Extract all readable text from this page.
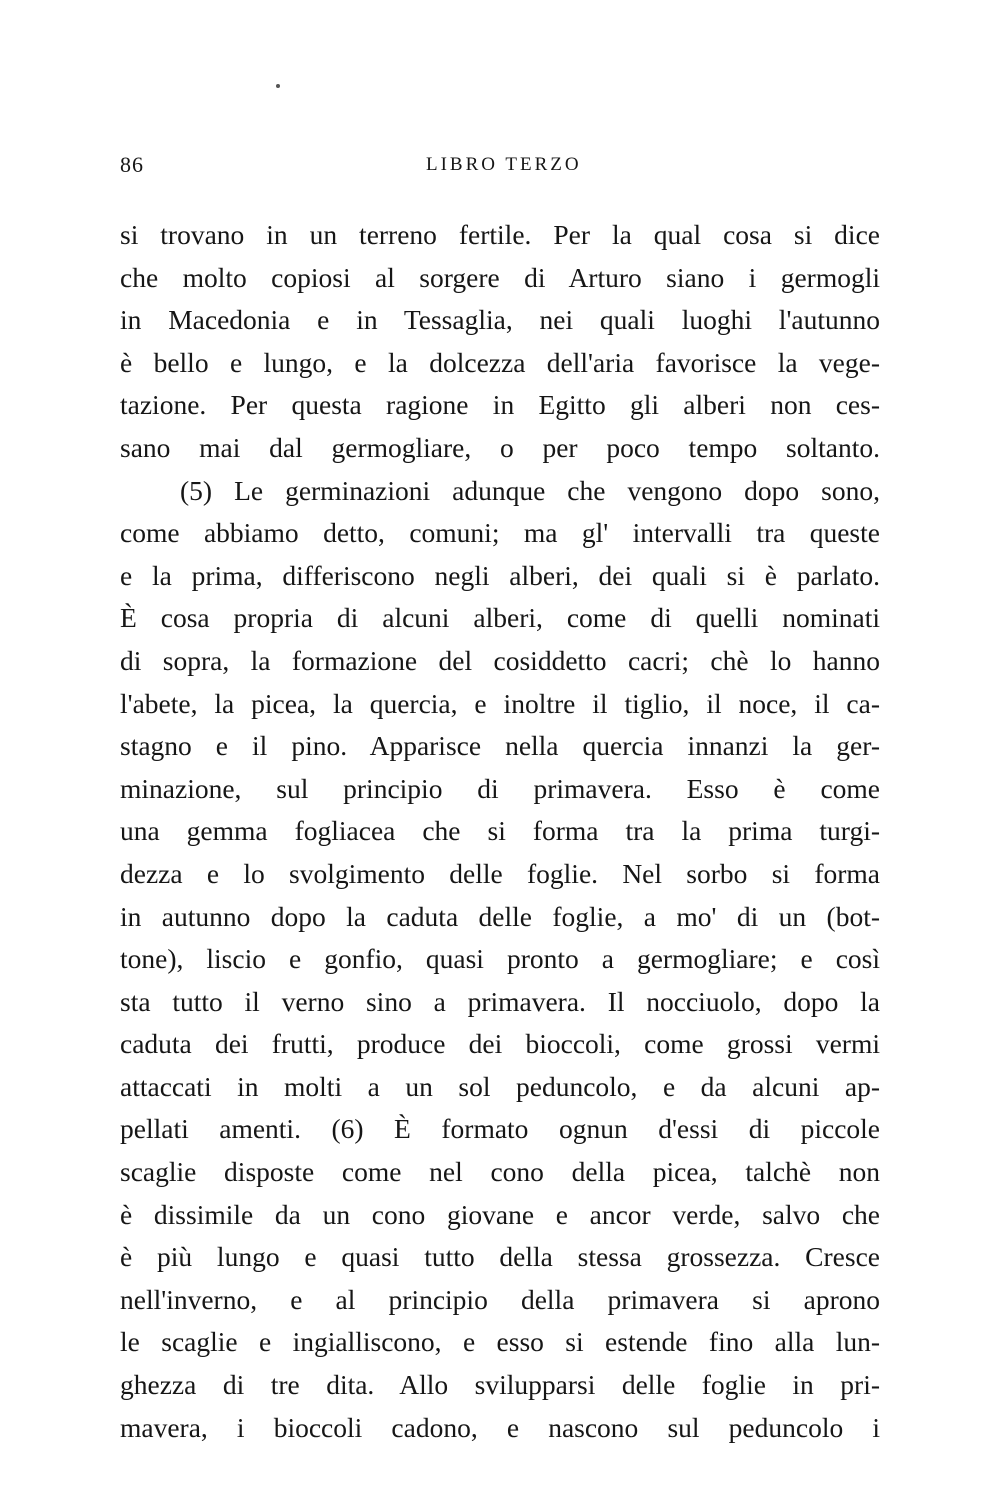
86	LIBRO TERZO
si trovano in un terreno fertile. Per la qual cosa si dice
che molto copiosi al sorgere di Arturo siano i germogli
in Macedonia e in Tessaglia, nei quali luoghi l'autunno
è bello e lungo, e la dolcezza dell'aria favorisce la vege-
tazione. Per questa ragione in Egitto gli alberi non ces-
sano mai dal germogliare, o per poco tempo soltanto.
(5) Le germinazioni adunque che vengono dopo sono,
come abbiamo detto, comuni; ma gl' intervalli tra queste
e la prima, differiscono negli alberi, dei quali si è parlato.
È cosa propria di alcuni alberi, come di quelli nominati
di sopra, la formazione del cosiddetto cacri; chè lo hanno
l'abete, la picea, la quercia, e inoltre il tiglio, il noce, il ca-
stagno e il pino. Apparisce nella quercia innanzi la ger-
minazione, sul principio di primavera. Esso è come
una gemma fogliacea che si forma tra la prima turgi-
dezza e lo svolgimento delle foglie. Nel sorbo si forma
in autunno dopo la caduta delle foglie, a mo' di un (bot-
tone), liscio e gonfio, quasi pronto a germogliare; e così
sta tutto il verno sino a primavera. Il nocciuolo, dopo la
caduta dei frutti, produce dei bioccoli, come grossi vermi
attaccati in molti a un sol peduncolo, e da alcuni ap-
pellati amenti. (6) È formato ognun d'essi di piccole
scaglie disposte come nel cono della picea, talchè non
è dissimile da un cono giovane e ancor verde, salvo che
è più lungo e quasi tutto della stessa grossezza. Cresce
nell'inverno, e al principio della primavera si aprono
le scaglie e ingialliscono, e esso si estende fino alla lun-
ghezza di tre dita. Allo svilupparsi delle foglie in pri-
mavera, i bioccoli cadono, e nascono sul peduncolo i
